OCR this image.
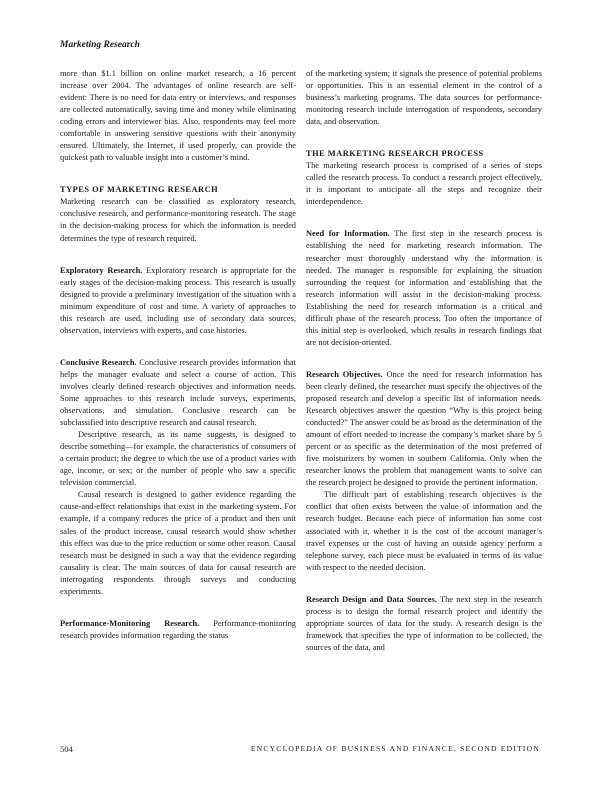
Marketing Research

more than $1.1 billion on online market research, a 16 percent increase over 2004. The advantages of online research are self-evident: There is no need for data entry or interviews, and responses are collected automatically, saving time and money while eliminating coding errors and interviewer bias. Also, respondents may feel more comfortable in answering sensitive questions with their anonymity ensured. Ultimately, the Internet, if used properly, can provide the quickest path to valuable insight into a customer’s mind.

TYPES OF MARKETING RESEARCH

Marketing research can be classified as exploratory research, conclusive research, and performance-monitoring research. The stage in the decision-making process for which the information is needed determines the type of research required.

Exploratory Research. Exploratory research is appropriate for the early stages of the decision-making process. This research is usually designed to provide a preliminary investigation of the situation with a minimum expenditure of cost and time. A variety of approaches to this research are used, including use of secondary data sources, observation, interviews with experts, and case histories.

Conclusive Research. Conclusive research provides information that helps the manager evaluate and select a course of action. This involves clearly defined research objectives and information needs. Some approaches to this research include surveys, experiments, observations, and simulation. Conclusive research can be subclassified into descriptive research and causal research.

Descriptive research, as its name suggests, is designed to describe something—for example, the characteristics of consumers of a certain product; the degree to which the use of a product varies with age, income, or sex; or the number of people who saw a specific television commercial.

Causal research is designed to gather evidence regarding the cause-and-effect relationships that exist in the marketing system. For example, if a company reduces the price of a product and then unit sales of the product increase, causal research would show whether this effect was due to the price reduction or some other reason. Causal research must be designed in such a way that the evidence regarding causality is clear. The main sources of data for causal research are interrogating respondents through surveys and conducting experiments.

Performance-Monitoring Research. Performance-monitoring research provides information regarding the status

of the marketing system; it signals the presence of potential problems or opportunities. This is an essential element in the control of a business’s marketing programs. The data sources for performance-monitoring research include interrogation of respondents, secondary data, and observation.

THE MARKETING RESEARCH PROCESS

The marketing research process is comprised of a series of steps called the research process. To conduct a research project effectively, it is important to anticipate all the steps and recognize their interdependence.

Need for Information. The first step in the research process is establishing the need for marketing research information. The researcher must thoroughly understand why the information is needed. The manager is responsible for explaining the situation surrounding the request for information and establishing that the research information will assist in the decision-making process. Establishing the need for research information is a critical and difficult phase of the research process. Too often the importance of this initial step is overlooked, which results in research findings that are not decision-oriented.

Research Objectives. Once the need for research information has been clearly defined, the researcher must specify the objectives of the proposed research and develop a specific list of information needs. Research objectives answer the question “Why is this project being conducted?” The answer could be as broad as the determination of the amount of effort needed to increase the company’s market share by 5 percent or as specific as the determination of the most preferred of five moisturizers by women in southern California. Only when the researcher knows the problem that management wants to solve can the research project be designed to provide the pertinent information.

The difficult part of establishing research objectives is the conflict that often exists between the value of information and the research budget. Because each piece of information has some cost associated with it, whether it is the cost of the account manager’s travel expenses or the cost of having an outside agency perform a telephone survey, each piece must be evaluated in terms of its value with respect to the needed decision.

Research Design and Data Sources. The next step in the research process is to design the formal research project and identify the appropriate sources of data for the study. A research design is the framework that specifies the type of information to be collected, the sources of the data, and

504	ENCYCLOPEDIA OF BUSINESS AND FINANCE, SECOND EDITION
